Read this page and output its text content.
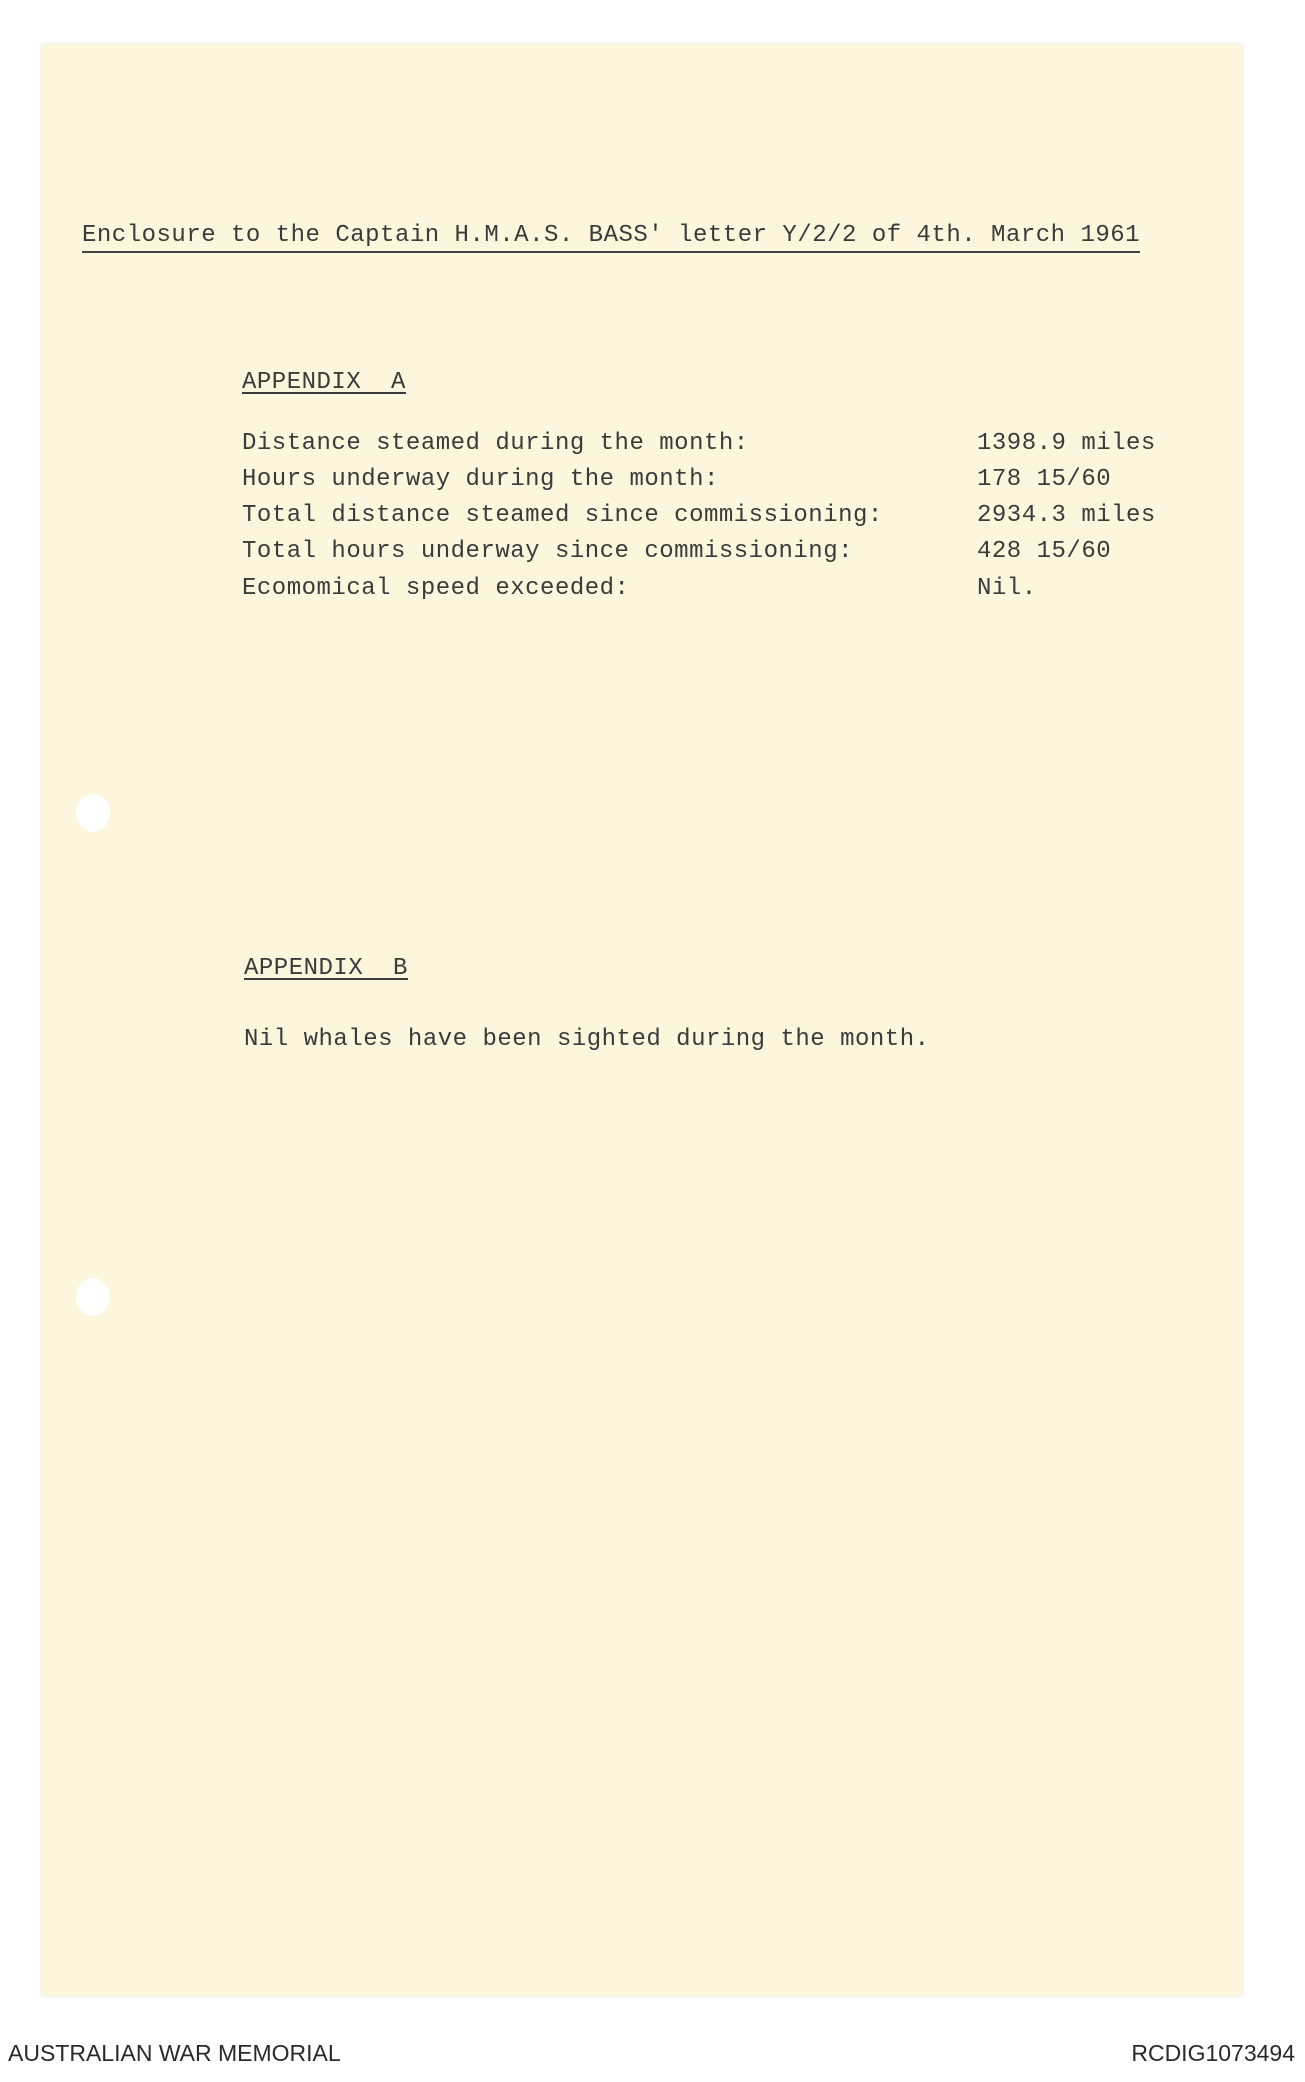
Enclosure to the Captain H.M.A.S. BASS' letter Y/2/2 of 4th. March 1961
APPENDIX  A
Distance steamed during the month:	1398.9 miles
Hours underway during the month:	178 15/60
Total distance steamed since commissioning:	2934.3 miles
Total hours underway since commissioning:	428 15/60
Ecomomical speed exceeded:	Nil.
APPENDIX  B
Nil whales have been sighted during the month.
AUSTRALIAN WAR MEMORIAL	RCDIG1073494
